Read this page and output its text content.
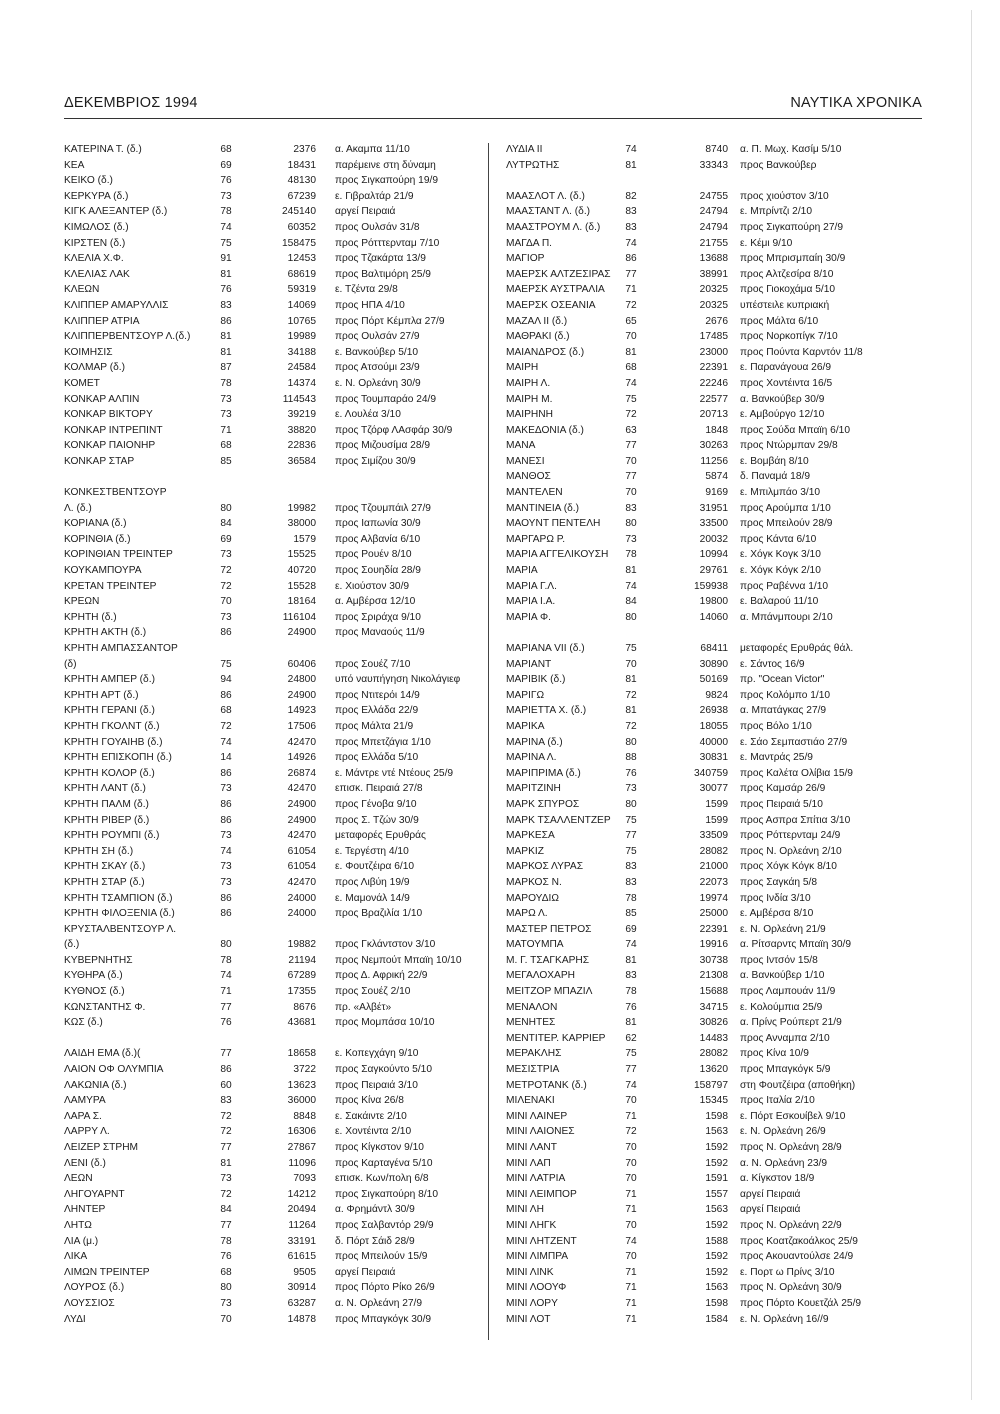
ΔΕΚΕΜΒΡΙΟΣ 1994	ΝΑΥΤΙΚΑ ΧΡΟΝΙΚΑ
ΚΑΤΕΡΙΝΑ Τ. (δ.)	68	2376 α. Ακαμπα 11/10
ΚΕΑ	69	18431 παρέμεινε στη δύναμη
ΚΕΙΚΟ (δ.)	76	48130 προς Σιγκαπούρη 19/9
ΚΕΡΚΥΡΑ (δ.)	73	67239 ε. Γιβραλτάρ 21/9
ΚΙΓΚ ΑΛΕΞΑΝΤΕΡ (δ.)	78	245140 αργεί Πειραιά
ΚΙΜΩΛΟΣ (δ.)	74	60352 προς Ουλσάν 31/8
ΚΙΡΣΤΕΝ (δ.)	75	158475 προς Ρότττερνταμ 7/10
ΚΛΕΛΙΑ Χ.Φ.	91	12453 προς Τζακάρτα 13/9
ΚΛΕΛΙΑΣ ΛΑΚ	81	68619 προς Βαλτιμόρη 25/9
ΚΛΕΩΝ	76	59319 ε. Τζέντα 29/8
ΚΛΙΠΠΕΡ ΑΜΑΡΥΛΛΙΣ	83	14069 προς ΗΠΑ 4/10
ΚΛΙΠΠΕΡ ΑΤΡΙΑ	86	10765 προς Πόρτ Κέμπλα 27/9
ΚΛΙΠΠΕΡΒΕΝΤΣΟΥΡ Λ.(δ.)	81	19989 προς Ουλσάν 27/9
ΚΟΙΜΗΣΙΣ	81	34188 ε. Βανκούβερ 5/10
ΚΟΛΜΑΡ (δ.)	87	24584 προς Ατσούμι 23/9
ΚΟΜΕΤ	78	14374 ε. Ν. Ορλεάνη 30/9
ΚΟΝΚΑΡ ΑΛΠΙΝ	73	114543 προς Τουμπαράο 24/9
ΚΟΝΚΑΡ ΒΙΚΤΟΡΥ	73	39219 ε. Λουλέα 3/10
ΚΟΝΚΑΡ ΙΝΤΡΕΠΙΝΤ	71	38820 προς Τζόρφ ΛΑσφάρ 30/9
ΚΟΝΚΑΡ ΠΑΙΟΝΗΡ	68	22836 προς Μιζουσίμα 28/9
ΚΟΝΚΑΡ ΣΤΑΡ	85	36584 προς Σιμίζου 30/9
ΚΟΝΚΕΣΤΒΕΝΤΣΟΥΡ
Λ. (δ.)	80	19982 προς Τζουμπάιλ 27/9
ΚΟΡΙΑΝΑ (δ.)	84	38000 προς Ιαπωνία 30/9
ΚΟΡΙΝΘΙΑ (δ.)	69	1579 προς Αλβανία 6/10
ΚΟΡΙΝΘΙΑΝ ΤΡΕΙΝΤΕΡ	73	15525 προς Ρουέν 8/10
ΚΟΥΚΑΜΠΟΥΡΑ	72	40720 προς Σουηδία 28/9
ΚΡΕΤΑΝ ΤΡΕΙΝΤΕΡ	72	15528 ε. Χιούστον 30/9
ΚΡΕΩΝ	70	18164 α. Αμβέρσα 12/10
ΚΡΗΤΗ (δ.)	73	116104 προς Σριράχα 9/10
ΚΡΗΤΗ ΑΚΤΗ (δ.)	86	24900 προς Μαναούς 11/9
ΚΡΗΤΗ ΑΜΠΑΣΣΑΝΤΟΡ
(δ)	75	60406 προς Σουέζ 7/10
ΚΡΗΤΗ ΑΜΠΕΡ (δ.)	94	24800 υπό ναυπήγηση Νικολάγιεφ
ΚΡΗΤΗ ΑΡΤ (δ.)	86	24900 προς Ντιτερόι 14/9
ΚΡΗΤΗ ΓΕΡΑΝΙ (δ.)	68	14923 προς Ελλάδα 22/9
ΚΡΗΤΗ ΓΚΟΛΝΤ (δ.)	72	17506 προς Μάλτα 21/9
ΚΡΗΤΗ ΓΟΥΑΙΗΒ (δ.)	74	42470 προς Μπετζάγια 1/10
ΚΡΗΤΗ ΕΠΙΣΚΟΠΗ (δ.)	14	14926 προς Ελλάδα 5/10
ΚΡΗΤΗ ΚΟΛΟΡ (δ.)	86	26874 ε. Μάντρε ντέ Ντέους 25/9
ΚΡΗΤΗ ΛΑΝΤ (δ.)	73	42470 επισκ. Πειραιά 27/8
ΚΡΗΤΗ ΠΑΛΜ (δ.)	86	24900 προς Γένοβα 9/10
ΚΡΗΤΗ ΡΙΒΕΡ (δ.)	86	24900 προς Σ. Τζών 30/9
ΚΡΗΤΗ ΡΟΥΜΠΙ (δ.)	73	42470 μεταφορές Ερυθράς
ΚΡΗΤΗ ΣΗ (δ.)	74	61054 ε. Τεργέστη 4/10
ΚΡΗΤΗ ΣΚΑΥ (δ.)	73	61054 ε. Φουτζέιρα 6/10
ΚΡΗΤΗ ΣΤΑΡ (δ.)	73	42470 προς Λιβύη 19/9
ΚΡΗΤΗ ΤΣΑΜΠΙΟΝ (δ.)	86	24000 ε. Μαμονάλ 14/9
ΚΡΗΤΗ ΦΙΛΟΞΕΝΙΑ (δ.)	86	24000 προς Βραζιλία 1/10
ΚΡΥΣΤΑΛΒΕΝΤΣΟΥΡ Λ.
(δ.)	80	19882 προς Γκλάντστον 3/10
ΚΥΒΕΡΝΗΤΗΣ	78	21194 προς Νεμπούτ Μπαϊη 10/10
ΚΥΘΗΡΑ (δ.)	74	67289 προς Δ. Αφρική 22/9
ΚΥΘΝΟΣ (δ.)	71	17355 προς Σουέζ 2/10
ΚΩΝΣΤΑΝΤΗΣ Φ.	77	8676 πρ. «Αλβέτ»
ΚΩΣ (δ.)	76	43681 προς Μομπάσα 10/10
ΛΑΙΔΗ ΕΜΑ (δ.)(	77	18658 ε. Κοπεγχάγη 9/10
ΛΑΙΟΝ ΟΦ ΟΛΥΜΠΙΑ	86	3722 προς Σαγκούντο 5/10
ΛΑΚΩΝΙΑ (δ.)	60	13623 προς Πειραιά 3/10
ΛΑΜΥΡΑ	83	36000 προς Κίνα 26/8
ΛΑΡΑ Σ.	72	8848 ε. Σακάιντε 2/10
ΛΑΡΡΥ Λ.	72	16306 ε. Χοντέιντα 2/10
ΛΕΙΖΕΡ ΣΤΡΗΜ	77	27867 προς Κίγκστον 9/10
ΛΕΝΙ (δ.)	81	11096 προς Καρταγένα 5/10
ΛΕΩΝ	73	7093 επισκ. Κων/πολη 6/8
ΛΗΓΟΥΑΡΝΤ	72	14212 προς Σιγκαπούρη 8/10
ΛΗΝΤΕΡ	84	20494 α. Φρημάντλ 30/9
ΛΗΤΩ	77	11264 προς Σαλβαντόρ 29/9
ΛΙΑ (μ.)	78	33191 δ. Πόρτ Σάιδ 28/9
ΛΙΚΑ	76	61615 προς Μπειλούν 15/9
ΛΙΜΩΝ ΤΡΕΙΝΤΕΡ	68	9505 αργεί Πειραιά
ΛΟΥΡΟΣ (δ.)	80	30914 προς Πόρτο Ρίκο 26/9
ΛΟΥΣΣΙΟΣ	73	63287 α. Ν. Ορλεάνη 27/9
ΛΥΔΙ	70	14878 προς Μπαγκόγκ 30/9
ΛΥΔΙΑ ΙΙ	74	8740 α. Π. Μωχ. Κασίμ 5/10
ΛΥΤΡΩΤΗΣ	81	33343 προς Βανκούβερ
ΜΑΑΣΛΟΤ Λ. (δ.)	82	24755 προς χιούστον 3/10
ΜΑΑΣΤΑΝΤ Λ. (δ.)	83	24794 ε. Μπρίντζι 2/10
ΜΑΑΣΤΡΟΥΜ Λ. (δ.)	83	24794 προς Σιγκαπούρη 27/9
ΜΑΓΔΑ Π.	74	21755 ε. Κέμι 9/10
ΜΑΓΙΟΡ	86	13688 προς Μπρισμπαίη 30/9
ΜΑΕΡΣΚ ΑΛΤΖΕΣΙΡΑΣ	77	38991 προς Αλτζεσίρα 8/10
ΜΑΕΡΣΚ ΑΥΣΤΡΑΛΙΑ	71	20325 προς Γιοκοχάμα 5/10
ΜΑΕΡΣΚ ΟΣΕΑΝΙΑ	72	20325 υπέστειλε κυπριακή
ΜΑΖΑΛ ΙΙ (δ.)	65	2676 προς Μάλτα 6/10
ΜΑΘΡΑΚΙ (δ.)	70	17485 προς Νορκοπίγκ 7/10
ΜΑΙΑΝΔΡΟΣ (δ.)	81	23000 προς Πούντα Καρντόν 11/8
ΜΑΙΡΗ	68	22391 ε. Παρανάγουα 26/9
ΜΑΙΡΗ Λ.	74	22246 προς Χοντέιντα 16/5
ΜΑΙΡΗ Μ.	75	22577 α. Βανκούβερ 30/9
ΜΑΙΡΗΝΗ	72	20713 ε. Αμβούργο 12/10
ΜΑΚΕΔΟΝΙΑ (δ.)	63	1848 προς Σούδα Μπαϊη 6/10
ΜΑΝΑ	77	30263 προς Ντώρμπαν 29/8
ΜΑΝΕΣΙ	70	11256 ε. Βομβάη 8/10
ΜΑΝΘΟΣ	77	5874 δ. Παναμά 18/9
ΜΑΝΤΕΛΕΝ	70	9169 ε. Μπιλμπάο 3/10
ΜΑΝΤΙΝΕΙΑ (δ.)	83	31951 προς Αρούμπα 1/10
ΜΑΟΥΝΤ ΠΕΝΤΕΛΗ	80	33500 προς Μπειλούν 28/9
ΜΑΡΓΑΡΩ Ρ.	73	20032 προς Κάντα 6/10
ΜΑΡΙΑ ΑΓΓΕΛΙΚΟΥΣΗ	78	10994 ε. Χόγκ Κογκ 3/10
ΜΑΡΙΑ	81	29761 ε. Χόγκ Κόγκ 2/10
ΜΑΡΙΑ Γ.Λ.	74	159938 προς Ραβέννα 1/10
ΜΑΡΙΑ Ι.Α.	84	19800 ε. Βαλαρού 11/10
ΜΑΡΙΑ Φ.	80	14060 α. Μπάνμπουρι 2/10
ΜΑΡΙΑΝΑ VII (δ.)	75	68411 μεταφορές Ερυθράς θάλ.
ΜΑΡΙΑΝΤ	70	30890 ε. Σάντος 16/9
ΜΑΡΙΒΙΚ (δ.)	81	50169 πρ. "Ocean Victor"
ΜΑΡΙΓΩ	72	9824 προς Κολόμπο 1/10
ΜΑΡΙΕΤΤΑ Χ. (δ.)	81	26938 α. Μπατάγκας 27/9
ΜΑΡΙΚΑ	72	18055 προς Βόλο 1/10
ΜΑΡΙΝΑ (δ.)	80	40000 ε. Σάο Σεμπαστιάο 27/9
ΜΑΡΙΝΑ Λ.	88	30831 ε. Μαντράς 25/9
ΜΑΡΙΠΡΙΜΑ (δ.)	76	340759 προς Καλέτα Ολίβια 15/9
ΜΑΡΙΤΖΙΝΗ	73	30077 προς Καμσάρ 26/9
ΜΑΡΚ ΣΠΥΡΟΣ	80	1599 προς Πειραιά 5/10
ΜΑΡΚ ΤΣΑΛΛΕΝΤΖΕΡ	75	1599 προς Ασπρα Σπίτια 3/10
ΜΑΡΚΕΣΑ	77	33509 προς Ρόττερνταμ 24/9
ΜΑΡΚΙΖ	75	28082 προς Ν. Ορλεάνη 2/10
ΜΑΡΚΟΣ ΛΥΡΑΣ	83	21000 προς Χόγκ Κόγκ 8/10
ΜΑΡΚΟΣ Ν.	83	22073 προς Σαγκάη 5/8
ΜΑΡΟΥΔΙΩ	78	19974 προς Ινδία 3/10
ΜΑΡΩ Λ.	85	25000 ε. Αμβέρσα 8/10
ΜΑΣΤΕΡ ΠΕΤΡΟΣ	69	22391 ε. Ν. Ορλεάνη 21/9
ΜΑΤΟΥΜΠΑ	74	19916 α. Ρίτσαρντς Μπαϊη 30/9
Μ. Γ. ΤΣΑΓΚΑΡΗΣ	81	30738 προς Ιντσόν 15/8
ΜΕΓΑΛΟΧΑΡΗ	83	21308 α. Βανκούβερ 1/10
ΜΕΙΤΖΟΡ ΜΠΑΖΙΛ	78	15688 προς Λαμπουάν 11/9
ΜΕΝΑΛΟΝ	76	34715 ε. Κολούμπια 25/9
ΜΕΝΗΤΕΣ	81	30826 α. Πρίνς Ρούπερτ 21/9
ΜΕΝΤΙΤΕΡ. ΚΑΡΡΙΕΡ	62	14483 προς Ανναμπα 2/10
ΜΕΡΑΚΛΗΣ	75	28082 προς Κίνα 10/9
ΜΕΣΙΣΤΡΙΑ	77	13620 προς Μπαγκόγκ 5/9
ΜΕΤΡΟΤΑΝΚ (δ.)	74	158797 στη Φουτζέιρα (αποθήκη)
ΜΙΛΕΝΑΚΙ	70	15345 προς Ιταλία 2/10
ΜΙΝΙ ΛΑΙΝΕΡ	71	1598 ε. Πόρτ Εσκουίβελ 9/10
ΜΙΝΙ ΛΑΙΟΝΕΣ	72	1563 ε. Ν. Ορλεάνη 26/9
ΜΙΝΙ ΛΑΝΤ	70	1592 προς Ν. Ορλεάνη 28/9
ΜΙΝΙ ΛΑΠ	70	1592 α. Ν. Ορλεάνη 23/9
ΜΙΝΙ ΛΑΤΡΙΑ	70	1591 α. Κίγκστον 18/9
ΜΙΝΙ ΛΕΙΜΠΟΡ	71	1557 αργεί Πειραιά
ΜΙΝΙ ΛΗ	71	1563 αργεί Πειραιά
ΜΙΝΙ ΛΗΓΚ	70	1592 προς Ν. Ορλεάνη 22/9
ΜΙΝΙ ΛΗΤΖΕΝΤ	74	1588 προς Κοατζακοάλκος 25/9
ΜΙΝΙ ΛΙΜΠΡΑ	70	1592 προς Ακουαντούλσε 24/9
ΜΙΝΙ ΛΙΝΚ	71	1592 ε. Πορτ ω Πρίνς 3/10
ΜΙΝΙ ΛΟΟΥΦ	71	1563 προς Ν. Ορλεάνη 30/9
ΜΙΝΙ ΛΟΡΥ	71	1598 προς Πόρτο Κουετζάλ 25/9
ΜΙΝΙ ΛΟΤ	71	1584 ε. Ν. Ορλεάνη 16//9
